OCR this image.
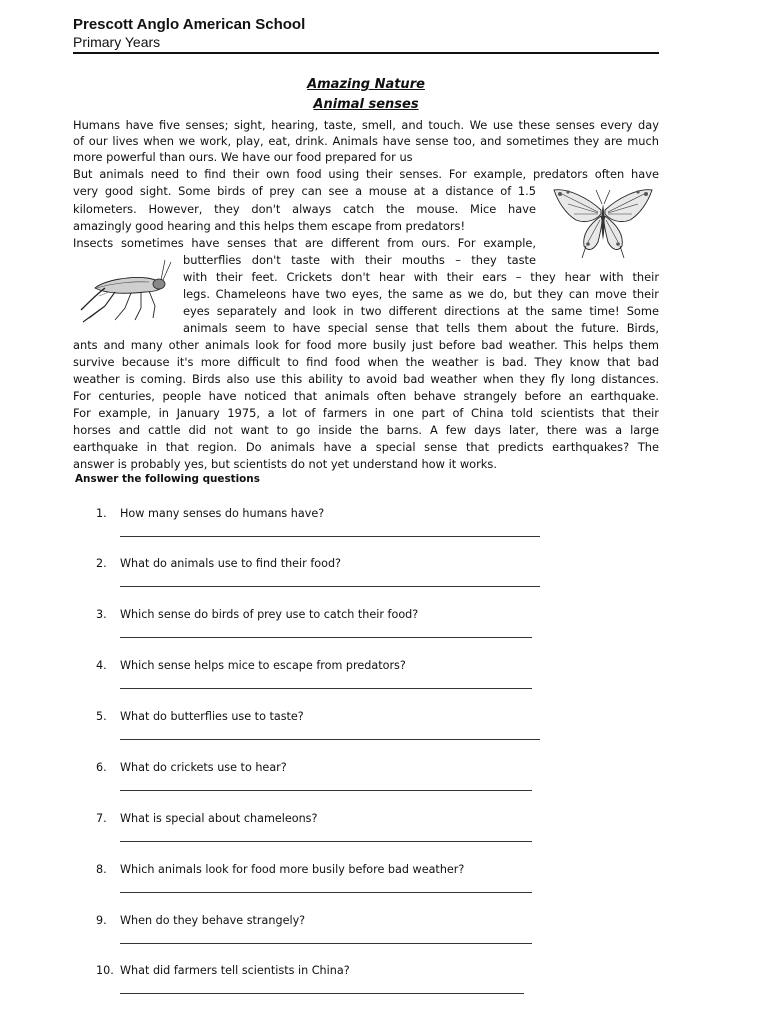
Prescott Anglo American School
Primary Years
Amazing Nature
Animal senses
Humans have five senses; sight, hearing, taste, smell, and touch. We use these senses every day
of our lives when we work, play, eat, drink. Animals have sense too, and sometimes they are much
more powerful than ours. We have our food prepared for us
But animals need to find their own food using their senses. For example, predators often have
very good sight. Some birds of prey can see a mouse at a distance of 1.5
kilometers. However, they don't always catch the mouse. Mice have
amazingly good hearing and this helps them escape from predators!
Insects sometimes have senses that are different from ours. For example,
butterflies don't taste with their mouths – they taste
with their feet. Crickets don't hear with their ears – they hear with their
legs. Chameleons have two eyes, the same as we do, but they can move their
eyes separately and look in two different directions at the same time! Some
animals seem to have special sense that tells them about the future. Birds,
ants and many other animals look for food more busily just before bad weather. This helps them
survive because it's more difficult to find food when the weather is bad. They know that bad
weather is coming. Birds also use this ability to avoid bad weather when they fly long distances.
For centuries, people have noticed that animals often behave strangely before an earthquake.
For example, in January 1975, a lot of farmers in one part of China told scientists that their
horses and cattle did not want to go inside the barns. A few days later, there was a large
earthquake in that region. Do animals have a special sense that predicts earthquakes? The
answer is probably yes, but scientists do not yet understand how it works.
Answer the following questions
1. How many senses do humans have?
2. What do animals use to find their food?
3. Which sense do birds of prey use to catch their food?
4. Which sense helps mice to escape from predators?
5. What do butterflies use to taste?
6. What do crickets use to hear?
7. What is special about chameleons?
8. Which animals look for food more busily before bad weather?
9. When do they behave strangely?
10. What did farmers tell scientists in China?
